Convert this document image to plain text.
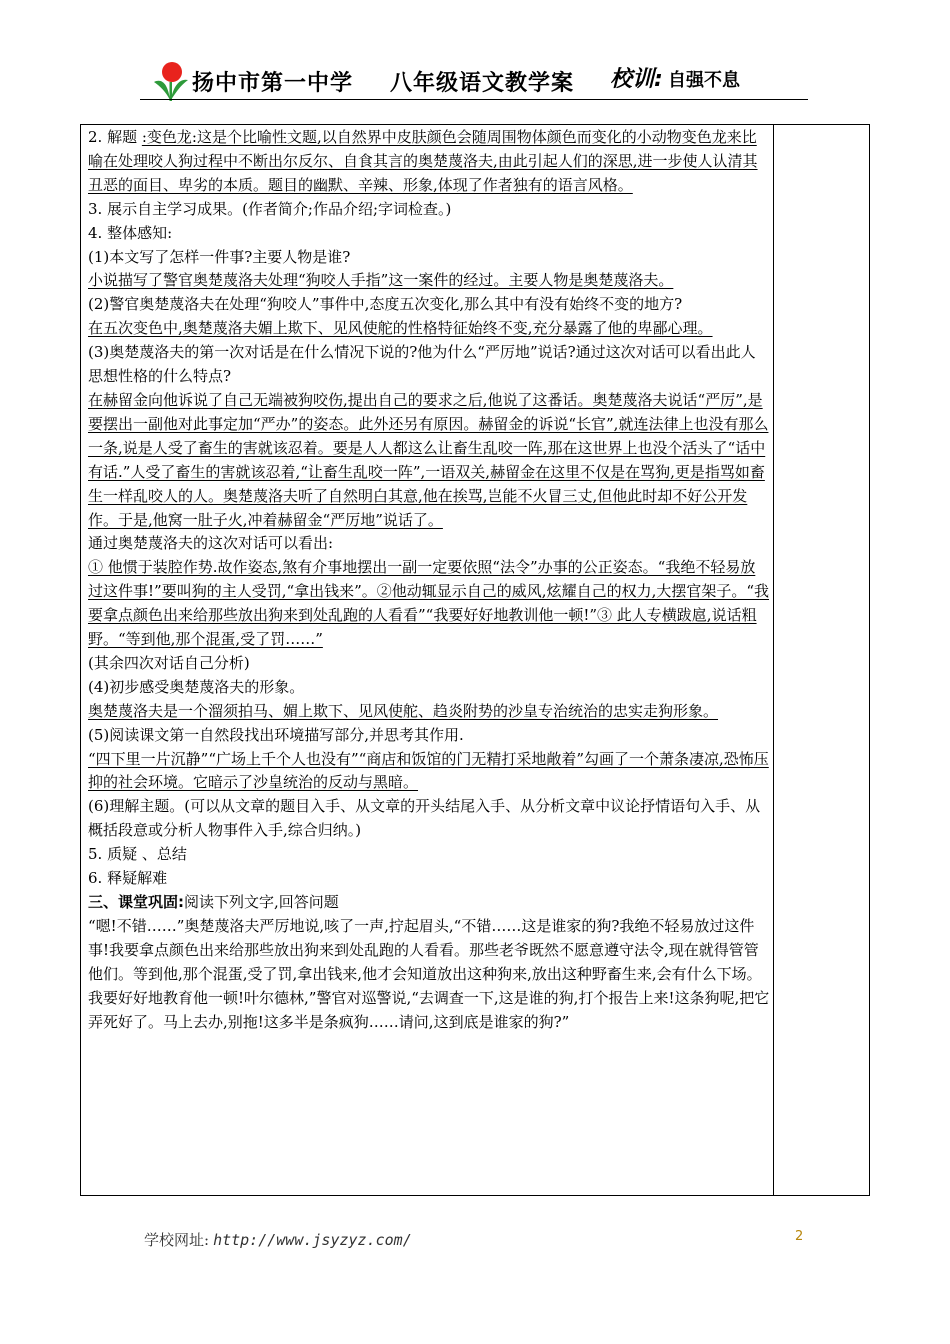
扬中市第一中学 八年级语文教学案 校训: 自强不息

2. 解题 :变色龙:这是个比喻性文题,以自然界中皮肤颜色会随周围物体颜色而变化的小动物变色龙来比喻在处理咬人狗过程中不断出尔反尔、自食其言的奥楚蔑洛夫,由此引起人们的深思,进一步使人认清其丑恶的面目、卑劣的本质。题目的幽默、辛辣、形象,体现了作者独有的语言风格。

3. 展示自主学习成果。(作者简介;作品介绍;字词检查。)

4. 整体感知:

(1)本文写了怎样一件事?主要人物是谁?

小说描写了警官奥楚蔑洛夫处理“狗咬人手指”这一案件的经过。主要人物是奥楚蔑洛夫。

(2)警官奥楚蔑洛夫在处理“狗咬人”事件中,态度五次变化,那么其中有没有始终不变的地方?

在五次变色中,奥楚蔑洛夫媚上欺下、见风使舵的性格特征始终不变,充分暴露了他的卑鄙心理。

(3)奥楚蔑洛夫的第一次对话是在什么情况下说的?他为什么“严厉地”说话?通过这次对话可以看出此人思想性格的什么特点?

在赫留金向他诉说了自己无端被狗咬伤,提出自己的要求之后,他说了这番话。奥楚蔑洛夫说话“严厉”,是要摆出一副他对此事定加“严办”的姿态。此外还另有原因。赫留金的诉说“长官”,就连法律上也没有那么一条,说是人受了畜生的害就该忍着。要是人人都这么让畜生乱咬一阵,那在这世界上也没个活头了“话中有话.”人受了畜生的害就该忍着,“让畜生乱咬一阵”,一语双关,赫留金在这里不仅是在骂狗,更是指骂如畜生一样乱咬人的人。奥楚蔑洛夫听了自然明白其意,他在挨骂,岂能不火冒三丈,但他此时却不好公开发作。于是,他窝一肚子火,冲着赫留金“严厉地”说话了。

通过奥楚蔑洛夫的这次对话可以看出:

① 他惯于装腔作势.故作姿态,煞有介事地摆出一副一定要依照“法令”办事的公正姿态。“我绝不轻易放过这件事!”要叫狗的主人受罚,“拿出钱来”。②他动辄显示自己的威风,炫耀自己的权力,大摆官架子。“我要拿点颜色出来给那些放出狗来到处乱跑的人看看”“我要好好地教训他一顿!”③ 此人专横跋扈,说话粗野。“等到他,那个混蛋,受了罚……”

(其余四次对话自己分析)

(4)初步感受奥楚蔑洛夫的形象。

奥楚蔑洛夫是一个溜须拍马、媚上欺下、见风使舵、趋炎附势的沙皇专治统治的忠实走狗形象。

(5)阅读课文第一自然段找出环境描写部分,并思考其作用.

“四下里一片沉静”“广场上千个人也没有”“商店和饭馆的门无精打采地敞着”勾画了一个萧条凄凉,恐怖压抑的社会环境。它暗示了沙皇统治的反动与黑暗。

(6)理解主题。(可以从文章的题目入手、从文章的开头结尾入手、从分析文章中议论抒情语句入手、从概括段意或分析人物事件入手,综合归纳。)

5. 质疑 、总结

6. 释疑解难

三、课堂巩固:阅读下列文字,回答问题

“嗯!不错……”奥楚蔑洛夫严厉地说,咳了一声,拧起眉头,“不错……这是谁家的狗?我绝不轻易放过这件事!我要拿点颜色出来给那些放出狗来到处乱跑的人看看。那些老爷既然不愿意遵守法令,现在就得管管他们。等到他,那个混蛋,受了罚,拿出钱来,他才会知道放出这种狗来,放出这种野畜生来,会有什么下场。我要好好地教育他一顿!叶尔德林,”警官对巡警说,“去调查一下,这是谁的狗,打个报告上来!这条狗呢,把它弄死好了。马上去办,别拖!这多半是条疯狗……请问,这到底是谁家的狗?”

学校网址: http://www.jsyzyz.com/	2
